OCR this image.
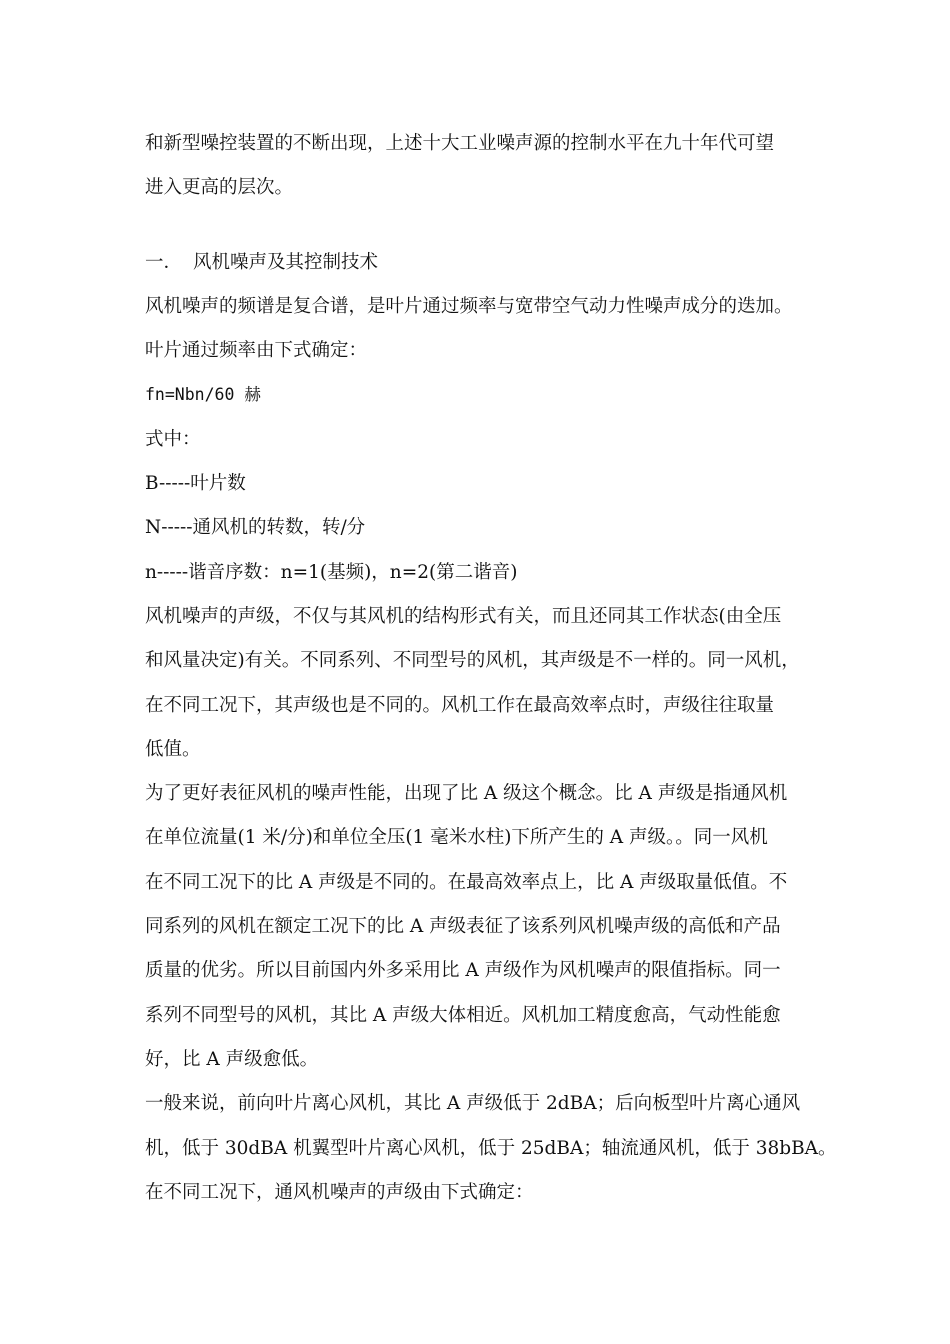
和新型噪控装置的不断出现，上述十大工业噪声源的控制水平在九十年代可望
进入更高的层次。
一． 风机噪声及其控制技术
风机噪声的频谱是复合谱，是叶片通过频率与宽带空气动力性噪声成分的迭加。
叶片通过频率由下式确定：
fn=Nbn/60 赫
式中：
B-----叶片数
N-----通风机的转数，转/分
n-----谐音序数：n=1(基频)，n=2(第二谐音)
风机噪声的声级，不仅与其风机的结构形式有关，而且还同其工作状态(由全压
和风量决定)有关。不同系列、不同型号的风机，其声级是不一样的。同一风机，
在不同工况下，其声级也是不同的。风机工作在最高效率点时，声级往往取量
低值。
为了更好表征风机的噪声性能，出现了比 A 级这个概念。比 A 声级是指通风机
在单位流量(1 米/分)和单位全压(1 毫米水柱)下所产生的 A 声级。。同一风机
在不同工况下的比 A 声级是不同的。在最高效率点上，比 A 声级取量低值。不
同系列的风机在额定工况下的比 A 声级表征了该系列风机噪声级的高低和产品
质量的优劣。所以目前国内外多采用比 A 声级作为风机噪声的限值指标。同一
系列不同型号的风机，其比 A 声级大体相近。风机加工精度愈高，气动性能愈
好，比 A 声级愈低。
一般来说，前向叶片离心风机，其比 A 声级低于 2dBA；后向板型叶片离心通风
机，低于 30dBA 机翼型叶片离心风机，低于 25dBA；轴流通风机，低于 38bBA。
在不同工况下，通风机噪声的声级由下式确定：
